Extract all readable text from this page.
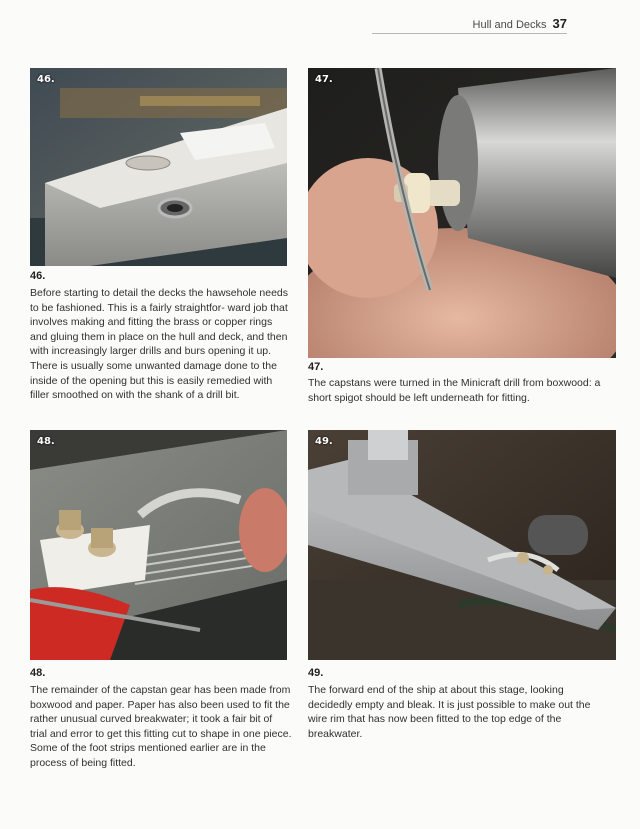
Hull and Decks 37
46.	47.
48.	49.
46.

Before starting to detail the decks the hawsehole needs to be fashioned. This is a fairly straightfor- ward job that involves making and fitting the brass or copper rings and gluing them in place on the hull and deck, and then with increasingly larger drills and burs opening it up. There is usually some unwanted damage done to the inside of the opening but this is easily remedied with filler smoothed on with the shank of a drill bit.

47.

The capstans were turned in the Minicraft drill from boxwood: a short spigot should be left underneath for fitting.

48.

The remainder of the capstan gear has been made from boxwood and paper. Paper has also been used to fit the rather unusual curved breakwater; it took a fair bit of trial and error to get this fitting cut to shape in one piece. Some of the foot strips mentioned earlier are in the process of being fitted.

49.

The forward end of the ship at about this stage, looking decidedly empty and bleak. It is just possible to make out the wire rim that has now been fitted to the top edge of the breakwater.
